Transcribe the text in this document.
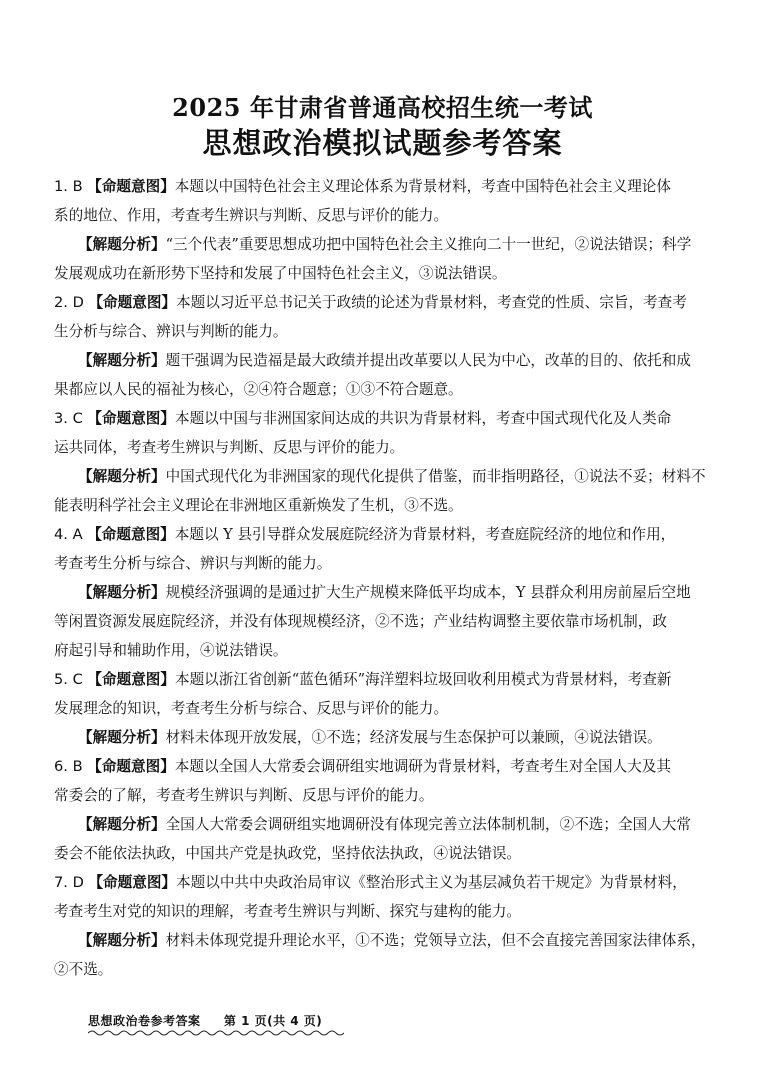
2025 年甘肃省普通高校招生统一考试
思想政治模拟试题参考答案
1. B 【命题意图】本题以中国特色社会主义理论体系为背景材料，考查中国特色社会主义理论体
系的地位、作用，考查考生辨识与判断、反思与评价的能力。
【解题分析】“三个代表”重要思想成功把中国特色社会主义推向二十一世纪，②说法错误；科学
发展观成功在新形势下坚持和发展了中国特色社会主义，③说法错误。
2. D 【命题意图】本题以习近平总书记关于政绩的论述为背景材料，考查党的性质、宗旨，考查考
生分析与综合、辨识与判断的能力。
【解题分析】题干强调为民造福是最大政绩并提出改革要以人民为中心，改革的目的、依托和成
果都应以人民的福祉为核心，②④符合题意；①③不符合题意。
3. C 【命题意图】本题以中国与非洲国家间达成的共识为背景材料，考查中国式现代化及人类命
运共同体，考查考生辨识与判断、反思与评价的能力。
【解题分析】中国式现代化为非洲国家的现代化提供了借鉴，而非指明路径，①说法不妥；材料不
能表明科学社会主义理论在非洲地区重新焕发了生机，③不选。
4. A 【命题意图】本题以 Y 县引导群众发展庭院经济为背景材料，考查庭院经济的地位和作用，
考查考生分析与综合、辨识与判断的能力。
【解题分析】规模经济强调的是通过扩大生产规模来降低平均成本，Y 县群众利用房前屋后空地
等闲置资源发展庭院经济，并没有体现规模经济，②不选；产业结构调整主要依靠市场机制，政
府起引导和辅助作用，④说法错误。
5. C 【命题意图】本题以浙江省创新“蓝色循环”海洋塑料垃圾回收利用模式为背景材料，考查新
发展理念的知识，考查考生分析与综合、反思与评价的能力。
【解题分析】材料未体现开放发展，①不选；经济发展与生态保护可以兼顾，④说法错误。
6. B 【命题意图】本题以全国人大常委会调研组实地调研为背景材料，考查考生对全国人大及其
常委会的了解，考查考生辨识与判断、反思与评价的能力。
【解题分析】全国人大常委会调研组实地调研没有体现完善立法体制机制，②不选；全国人大常
委会不能依法执政，中国共产党是执政党，坚持依法执政，④说法错误。
7. D 【命题意图】本题以中共中央政治局审议《整治形式主义为基层减负若干规定》为背景材料，
考查考生对党的知识的理解，考查考生辨识与判断、探究与建构的能力。
【解题分析】材料未体现党提升理论水平，①不选；党领导立法，但不会直接完善国家法律体系，
②不选。
思想政治卷参考答案 第 1 页(共 4 页)
